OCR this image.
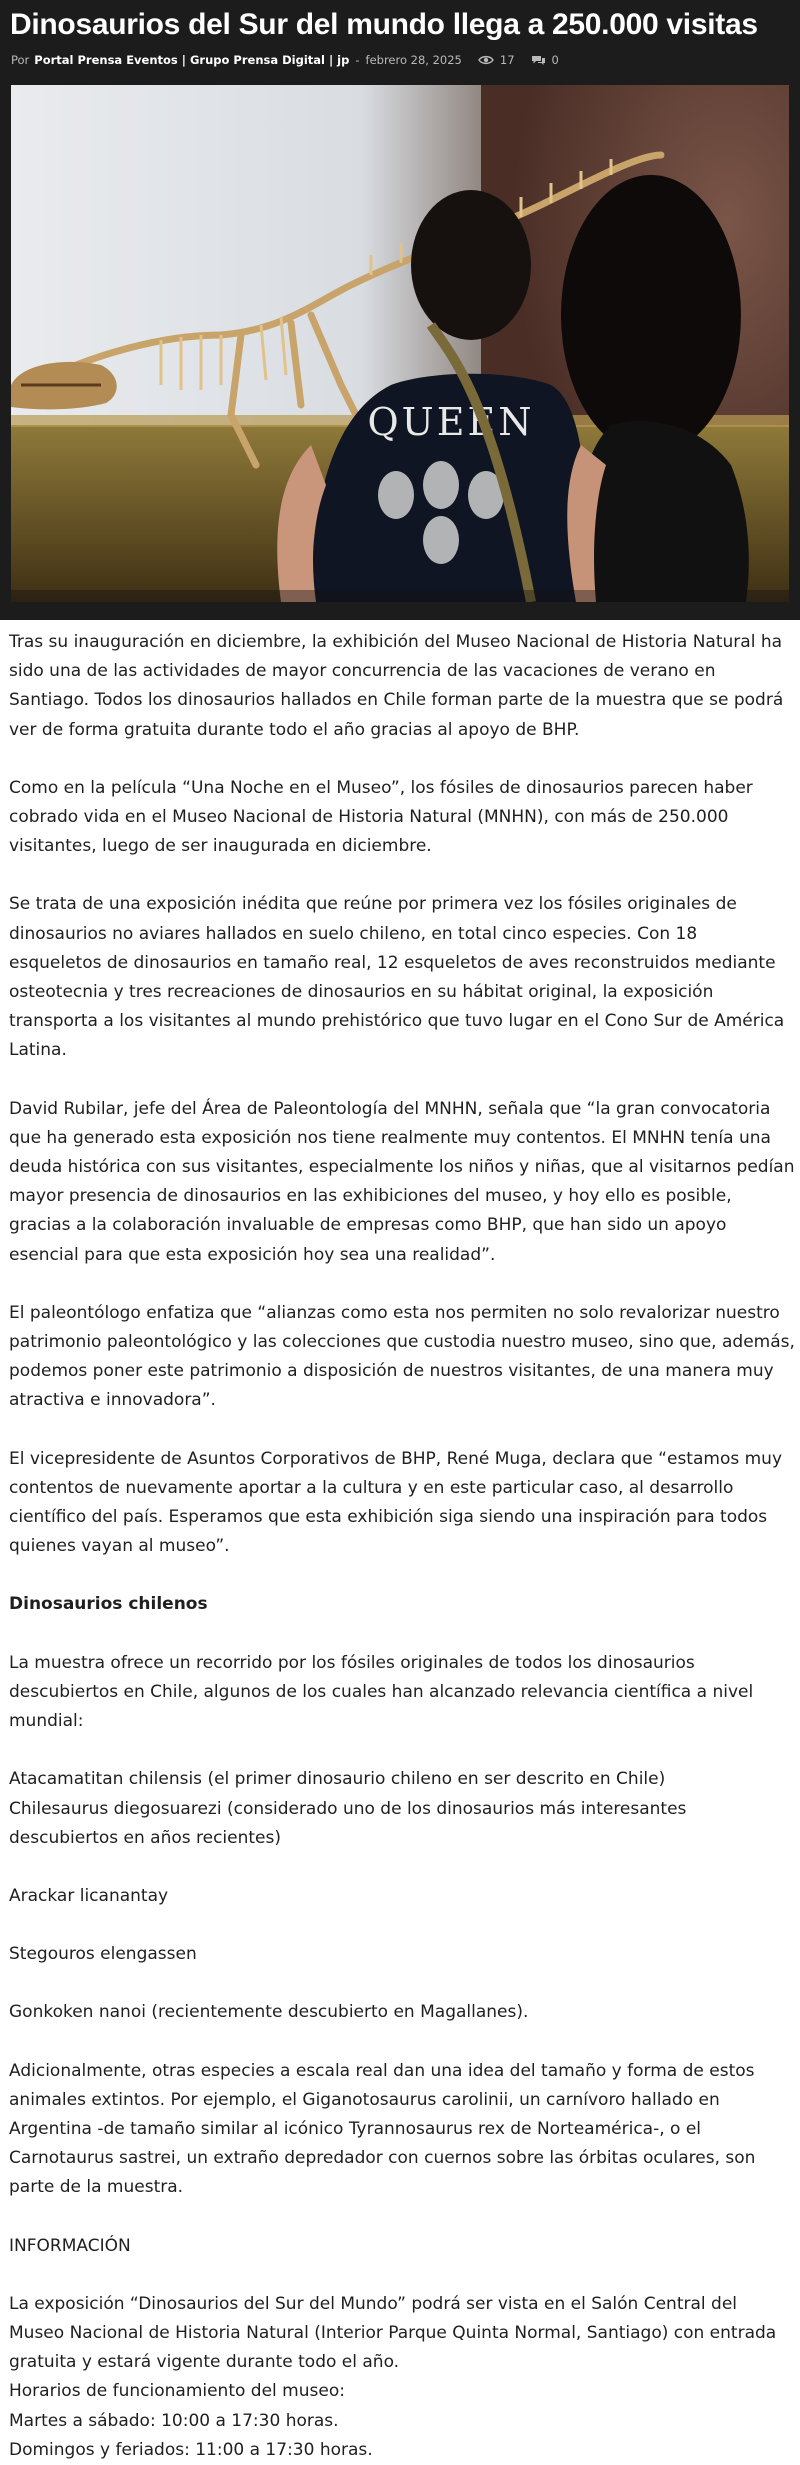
Dinosaurios del Sur del mundo llega a 250.000 visitas
Por Portal Prensa Eventos | Grupo Prensa Digital | jp - febrero 28, 2025	17	0
QUEEN

Tras su inauguración en diciembre, la exhibición del Museo Nacional de Historia Natural ha sido una de las actividades de mayor concurrencia de las vacaciones de verano en Santiago. Todos los dinosaurios hallados en Chile forman parte de la muestra que se podrá ver de forma gratuita durante todo el año gracias al apoyo de BHP.

Como en la película “Una Noche en el Museo”, los fósiles de dinosaurios parecen haber cobrado vida en el Museo Nacional de Historia Natural (MNHN), con más de 250.000 visitantes, luego de ser inaugurada en diciembre.

Se trata de una exposición inédita que reúne por primera vez los fósiles originales de dinosaurios no aviares hallados en suelo chileno, en total cinco especies. Con 18 esqueletos de dinosaurios en tamaño real, 12 esqueletos de aves reconstruidos mediante osteotecnia y tres recreaciones de dinosaurios en su hábitat original, la exposición transporta a los visitantes al mundo prehistórico que tuvo lugar en el Cono Sur de América Latina.

David Rubilar, jefe del Área de Paleontología del MNHN, señala que “la gran convocatoria que ha generado esta exposición nos tiene realmente muy contentos. El MNHN tenía una deuda histórica con sus visitantes, especialmente los niños y niñas, que al visitarnos pedían mayor presencia de dinosaurios en las exhibiciones del museo, y hoy ello es posible, gracias a la colaboración invaluable de empresas como BHP, que han sido un apoyo esencial para que esta exposición hoy sea una realidad”.

El paleontólogo enfatiza que “alianzas como esta nos permiten no solo revalorizar nuestro patrimonio paleontológico y las colecciones que custodia nuestro museo, sino que, además, podemos poner este patrimonio a disposición de nuestros visitantes, de una manera muy atractiva e innovadora”.

El vicepresidente de Asuntos Corporativos de BHP, René Muga, declara que “estamos muy contentos de nuevamente aportar a la cultura y en este particular caso, al desarrollo científico del país. Esperamos que esta exhibición siga siendo una inspiración para todos quienes vayan al museo”.

Dinosaurios chilenos

La muestra ofrece un recorrido por los fósiles originales de todos los dinosaurios descubiertos en Chile, algunos de los cuales han alcanzado relevancia científica a nivel mundial:

Atacamatitan chilensis (el primer dinosaurio chileno en ser descrito en Chile)
Chilesaurus diegosuarezi (considerado uno de los dinosaurios más interesantes descubiertos en años recientes)

Arackar licanantay

Stegouros elengassen

Gonkoken nanoi (recientemente descubierto en Magallanes).

Adicionalmente, otras especies a escala real dan una idea del tamaño y forma de estos animales extintos. Por ejemplo, el Giganotosaurus carolinii, un carnívoro hallado en Argentina -de tamaño similar al icónico Tyrannosaurus rex de Norteamérica-, o el Carnotaurus sastrei, un extraño depredador con cuernos sobre las órbitas oculares, son parte de la muestra.

INFORMACIÓN

La exposición “Dinosaurios del Sur del Mundo” podrá ser vista en el Salón Central del Museo Nacional de Historia Natural (Interior Parque Quinta Normal, Santiago) con entrada gratuita y estará vigente durante todo el año.

Horarios de funcionamiento del museo:

Martes a sábado: 10:00 a 17:30 horas.

Domingos y feriados: 11:00 a 17:30 horas.
